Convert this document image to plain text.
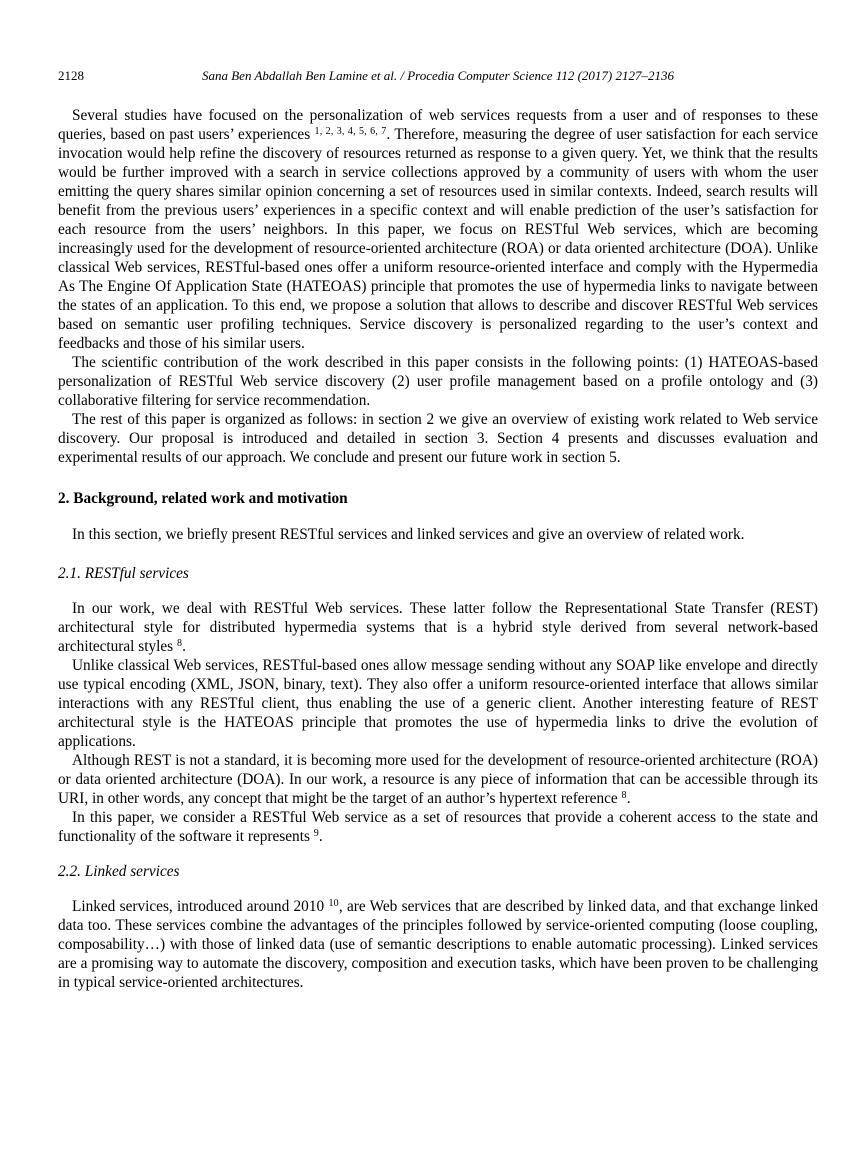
2128	Sana Ben Abdallah Ben Lamine et al. / Procedia Computer Science 112 (2017) 2127–2136

Several studies have focused on the personalization of web services requests from a user and of responses to these queries, based on past users’ experiences $^{1, 2, 3, 4, 5, 6, 7}$. Therefore, measuring the degree of user satisfaction for each service invocation would help refine the discovery of resources returned as response to a given query. Yet, we think that the results would be further improved with a search in service collections approved by a community of users with whom the user emitting the query shares similar opinion concerning a set of resources used in similar contexts. Indeed, search results will benefit from the previous users’ experiences in a specific context and will enable prediction of the user’s satisfaction for each resource from the users’ neighbors. In this paper, we focus on RESTful Web services, which are becoming increasingly used for the development of resource-oriented architecture (ROA) or data oriented architecture (DOA). Unlike classical Web services, RESTful-based ones offer a uniform resource-oriented interface and comply with the Hypermedia As The Engine Of Application State (HATEOAS) principle that promotes the use of hypermedia links to navigate between the states of an application. To this end, we propose a solution that allows to describe and discover RESTful Web services based on semantic user profiling techniques. Service discovery is personalized regarding to the user’s context and feedbacks and those of his similar users.

The scientific contribution of the work described in this paper consists in the following points: (1) HATEOAS-based personalization of RESTful Web service discovery (2) user profile management based on a profile ontology and (3) collaborative filtering for service recommendation.

The rest of this paper is organized as follows: in section 2 we give an overview of existing work related to Web service discovery. Our proposal is introduced and detailed in section 3. Section 4 presents and discusses evaluation and experimental results of our approach. We conclude and present our future work in section 5.

2. Background, related work and motivation

In this section, we briefly present RESTful services and linked services and give an overview of related work.

2.1. RESTful services

In our work, we deal with RESTful Web services. These latter follow the Representational State Transfer (REST) architectural style for distributed hypermedia systems that is a hybrid style derived from several network-based architectural styles $^8$.

Unlike classical Web services, RESTful-based ones allow message sending without any SOAP like envelope and directly use typical encoding (XML, JSON, binary, text). They also offer a uniform resource-oriented interface that allows similar interactions with any RESTful client, thus enabling the use of a generic client. Another interesting feature of REST architectural style is the HATEOAS principle that promotes the use of hypermedia links to drive the evolution of applications.

Although REST is not a standard, it is becoming more used for the development of resource-oriented architecture (ROA) or data oriented architecture (DOA). In our work, a resource is any piece of information that can be accessible through its URI, in other words, any concept that might be the target of an author’s hypertext reference $^8$.

In this paper, we consider a RESTful Web service as a set of resources that provide a coherent access to the state and functionality of the software it represents $^9$.

2.2. Linked services

Linked services, introduced around 2010 $^{10}$, are Web services that are described by linked data, and that exchange linked data too. These services combine the advantages of the principles followed by service-oriented computing (loose coupling, composability…) with those of linked data (use of semantic descriptions to enable automatic processing). Linked services are a promising way to automate the discovery, composition and execution tasks, which have been proven to be challenging in typical service-oriented architectures.
